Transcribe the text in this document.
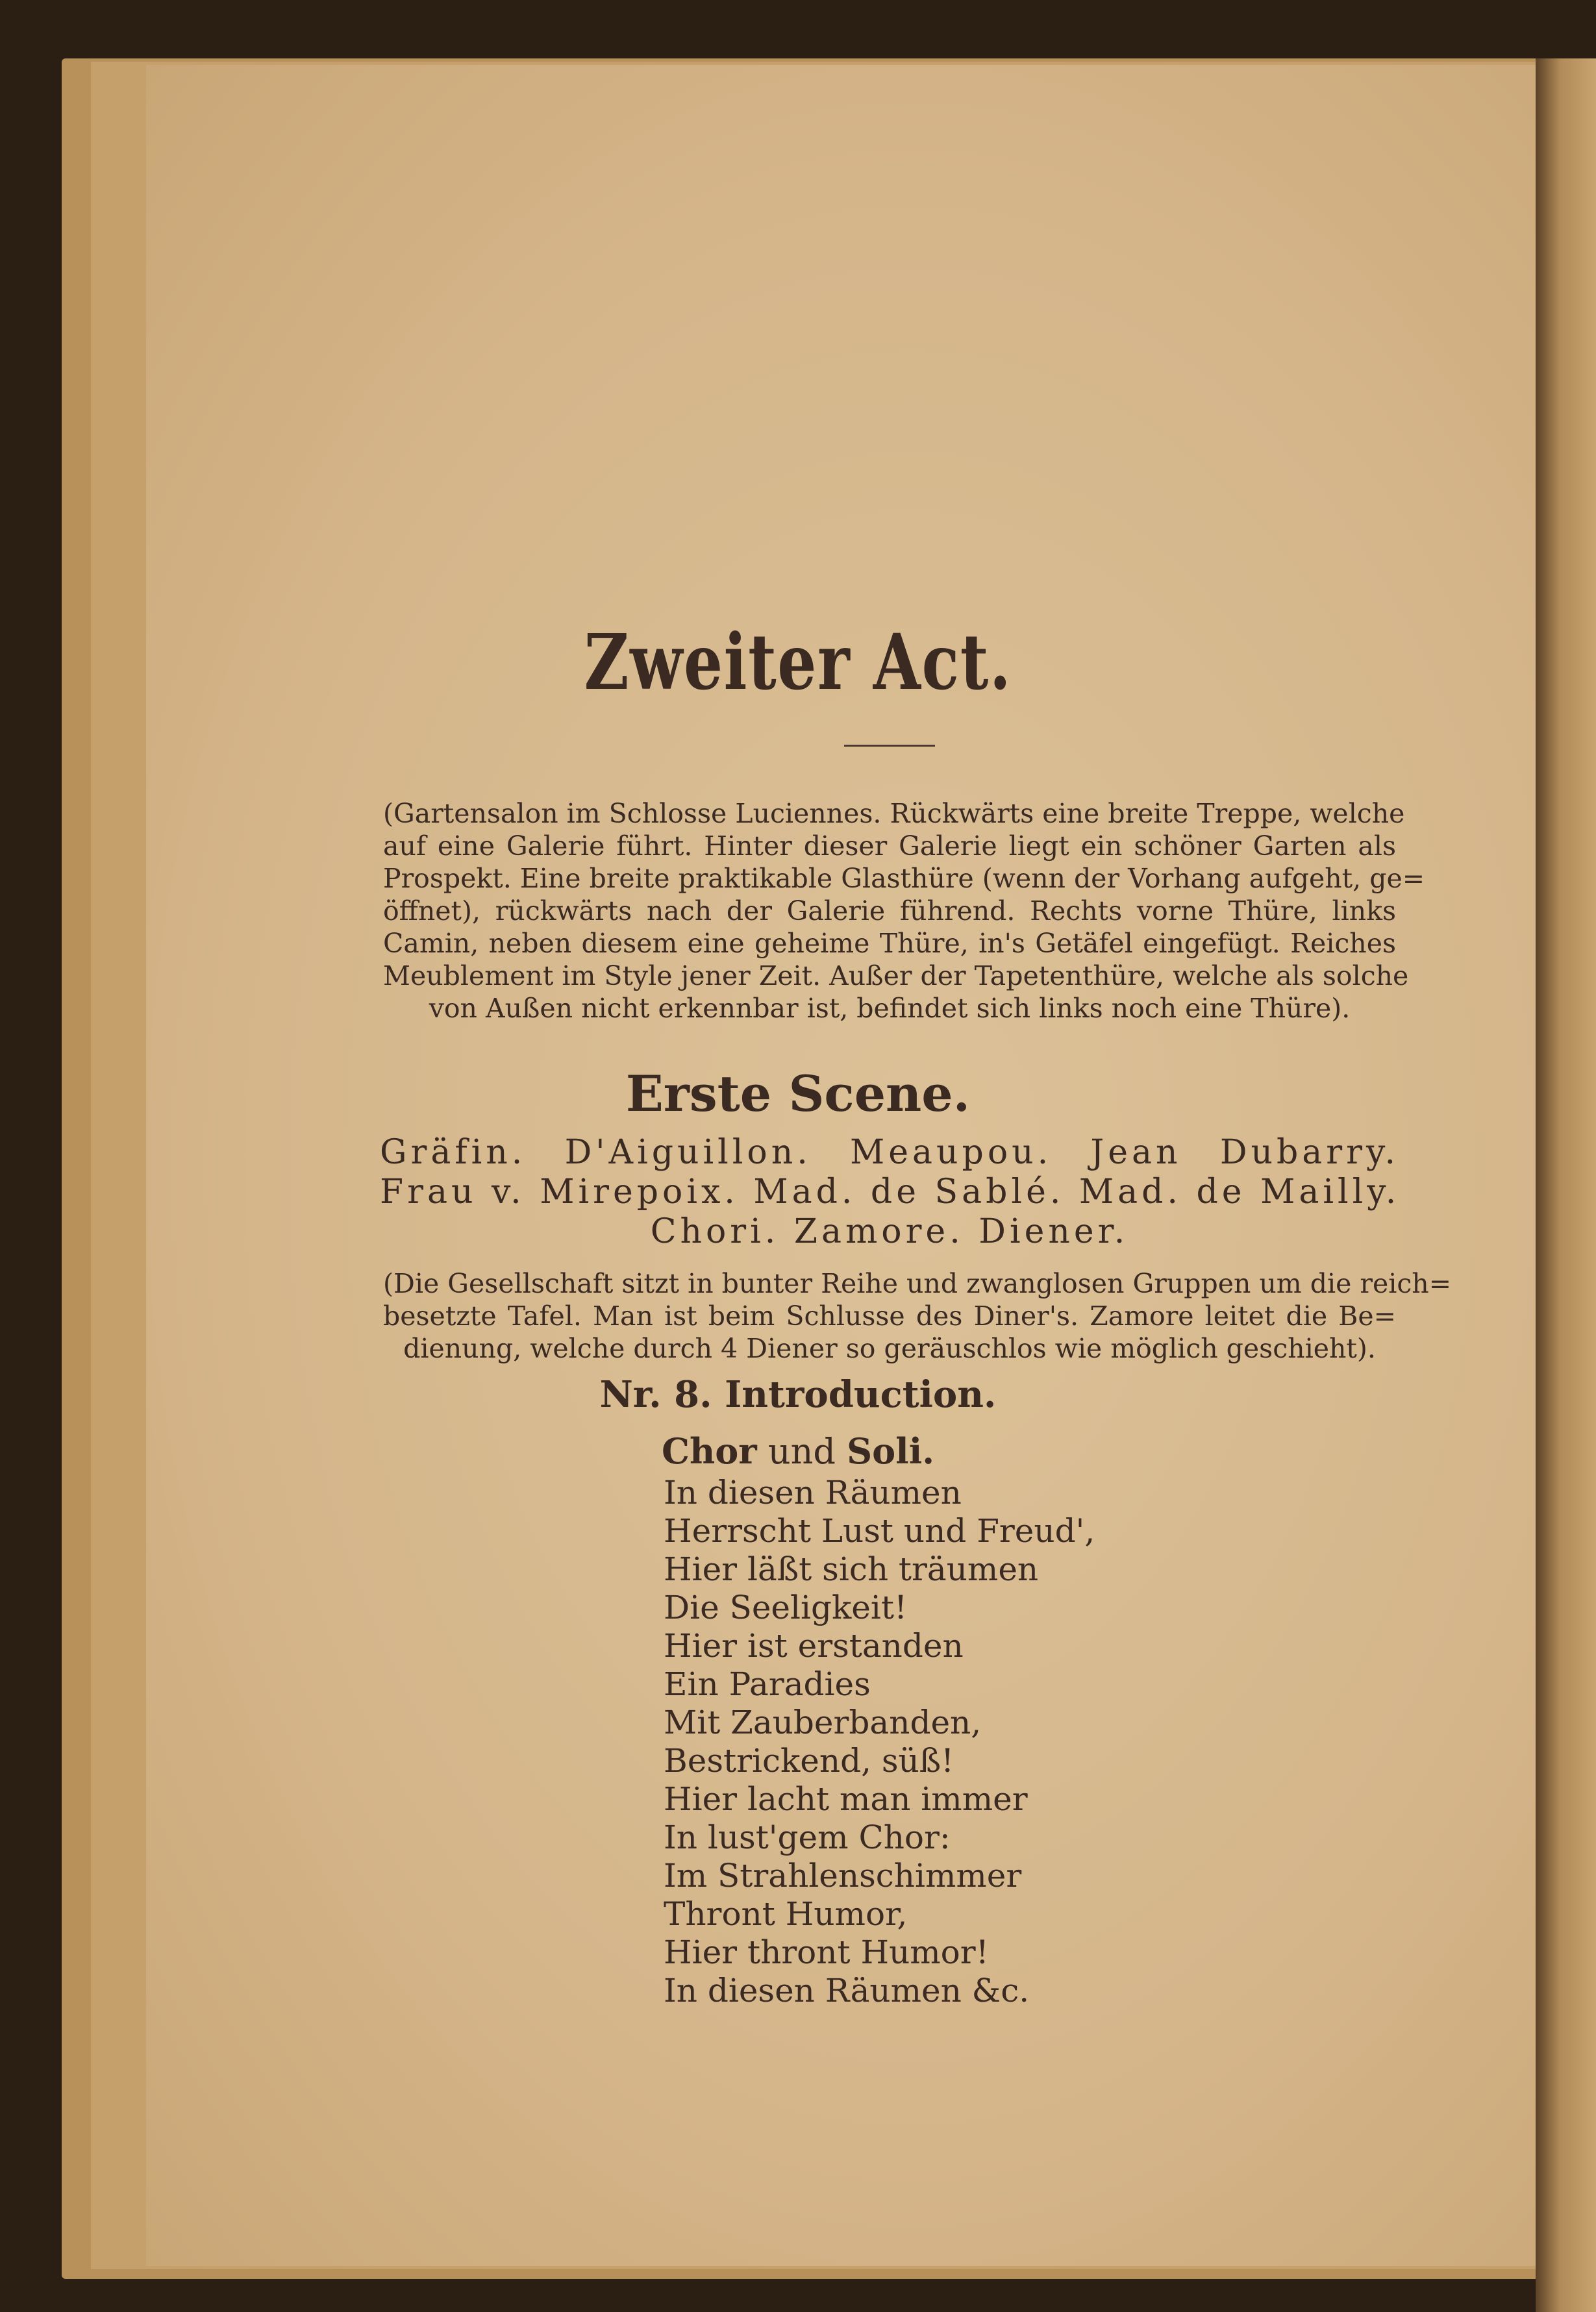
Zweiter Act.

(Gartensalon im Schlosse Luciennes. Rückwärts eine breite Treppe, welche

auf eine Galerie führt. Hinter dieser Galerie liegt ein schöner Garten als

Prospekt. Eine breite praktikable Glasthüre (wenn der Vorhang aufgeht, ge=

öffnet), rückwärts nach der Galerie führend. Rechts vorne Thüre, links

Camin, neben diesem eine geheime Thüre, in's Getäfel eingefügt. Reiches

Meublement im Style jener Zeit. Außer der Tapetenthüre, welche als solche

von Außen nicht erkennbar ist, befindet sich links noch eine Thüre).

Erste Scene.

Gräfin. D'Aiguillon. Meaupou. Jean Dubarry.

Frau v. Mirepoix. Mad. de Sablé. Mad. de Mailly.

Chori. Zamore. Diener.

(Die Gesellschaft sitzt in bunter Reihe und zwanglosen Gruppen um die reich=

besetzte Tafel. Man ist beim Schlusse des Diner's. Zamore leitet die Be=

dienung, welche durch 4 Diener so geräuschlos wie möglich geschieht).

Nr. 8. Introduction.
Chor und Soli.

In diesen Räumen

Herrscht Lust und Freud',

Hier läßt sich träumen

Die Seeligkeit!

Hier ist erstanden

Ein Paradies

Mit Zauberbanden,

Bestrickend, süß!

Hier lacht man immer

In lust'gem Chor:

Im Strahlenschimmer

Thront Humor,

Hier thront Humor!

In diesen Räumen &c.
